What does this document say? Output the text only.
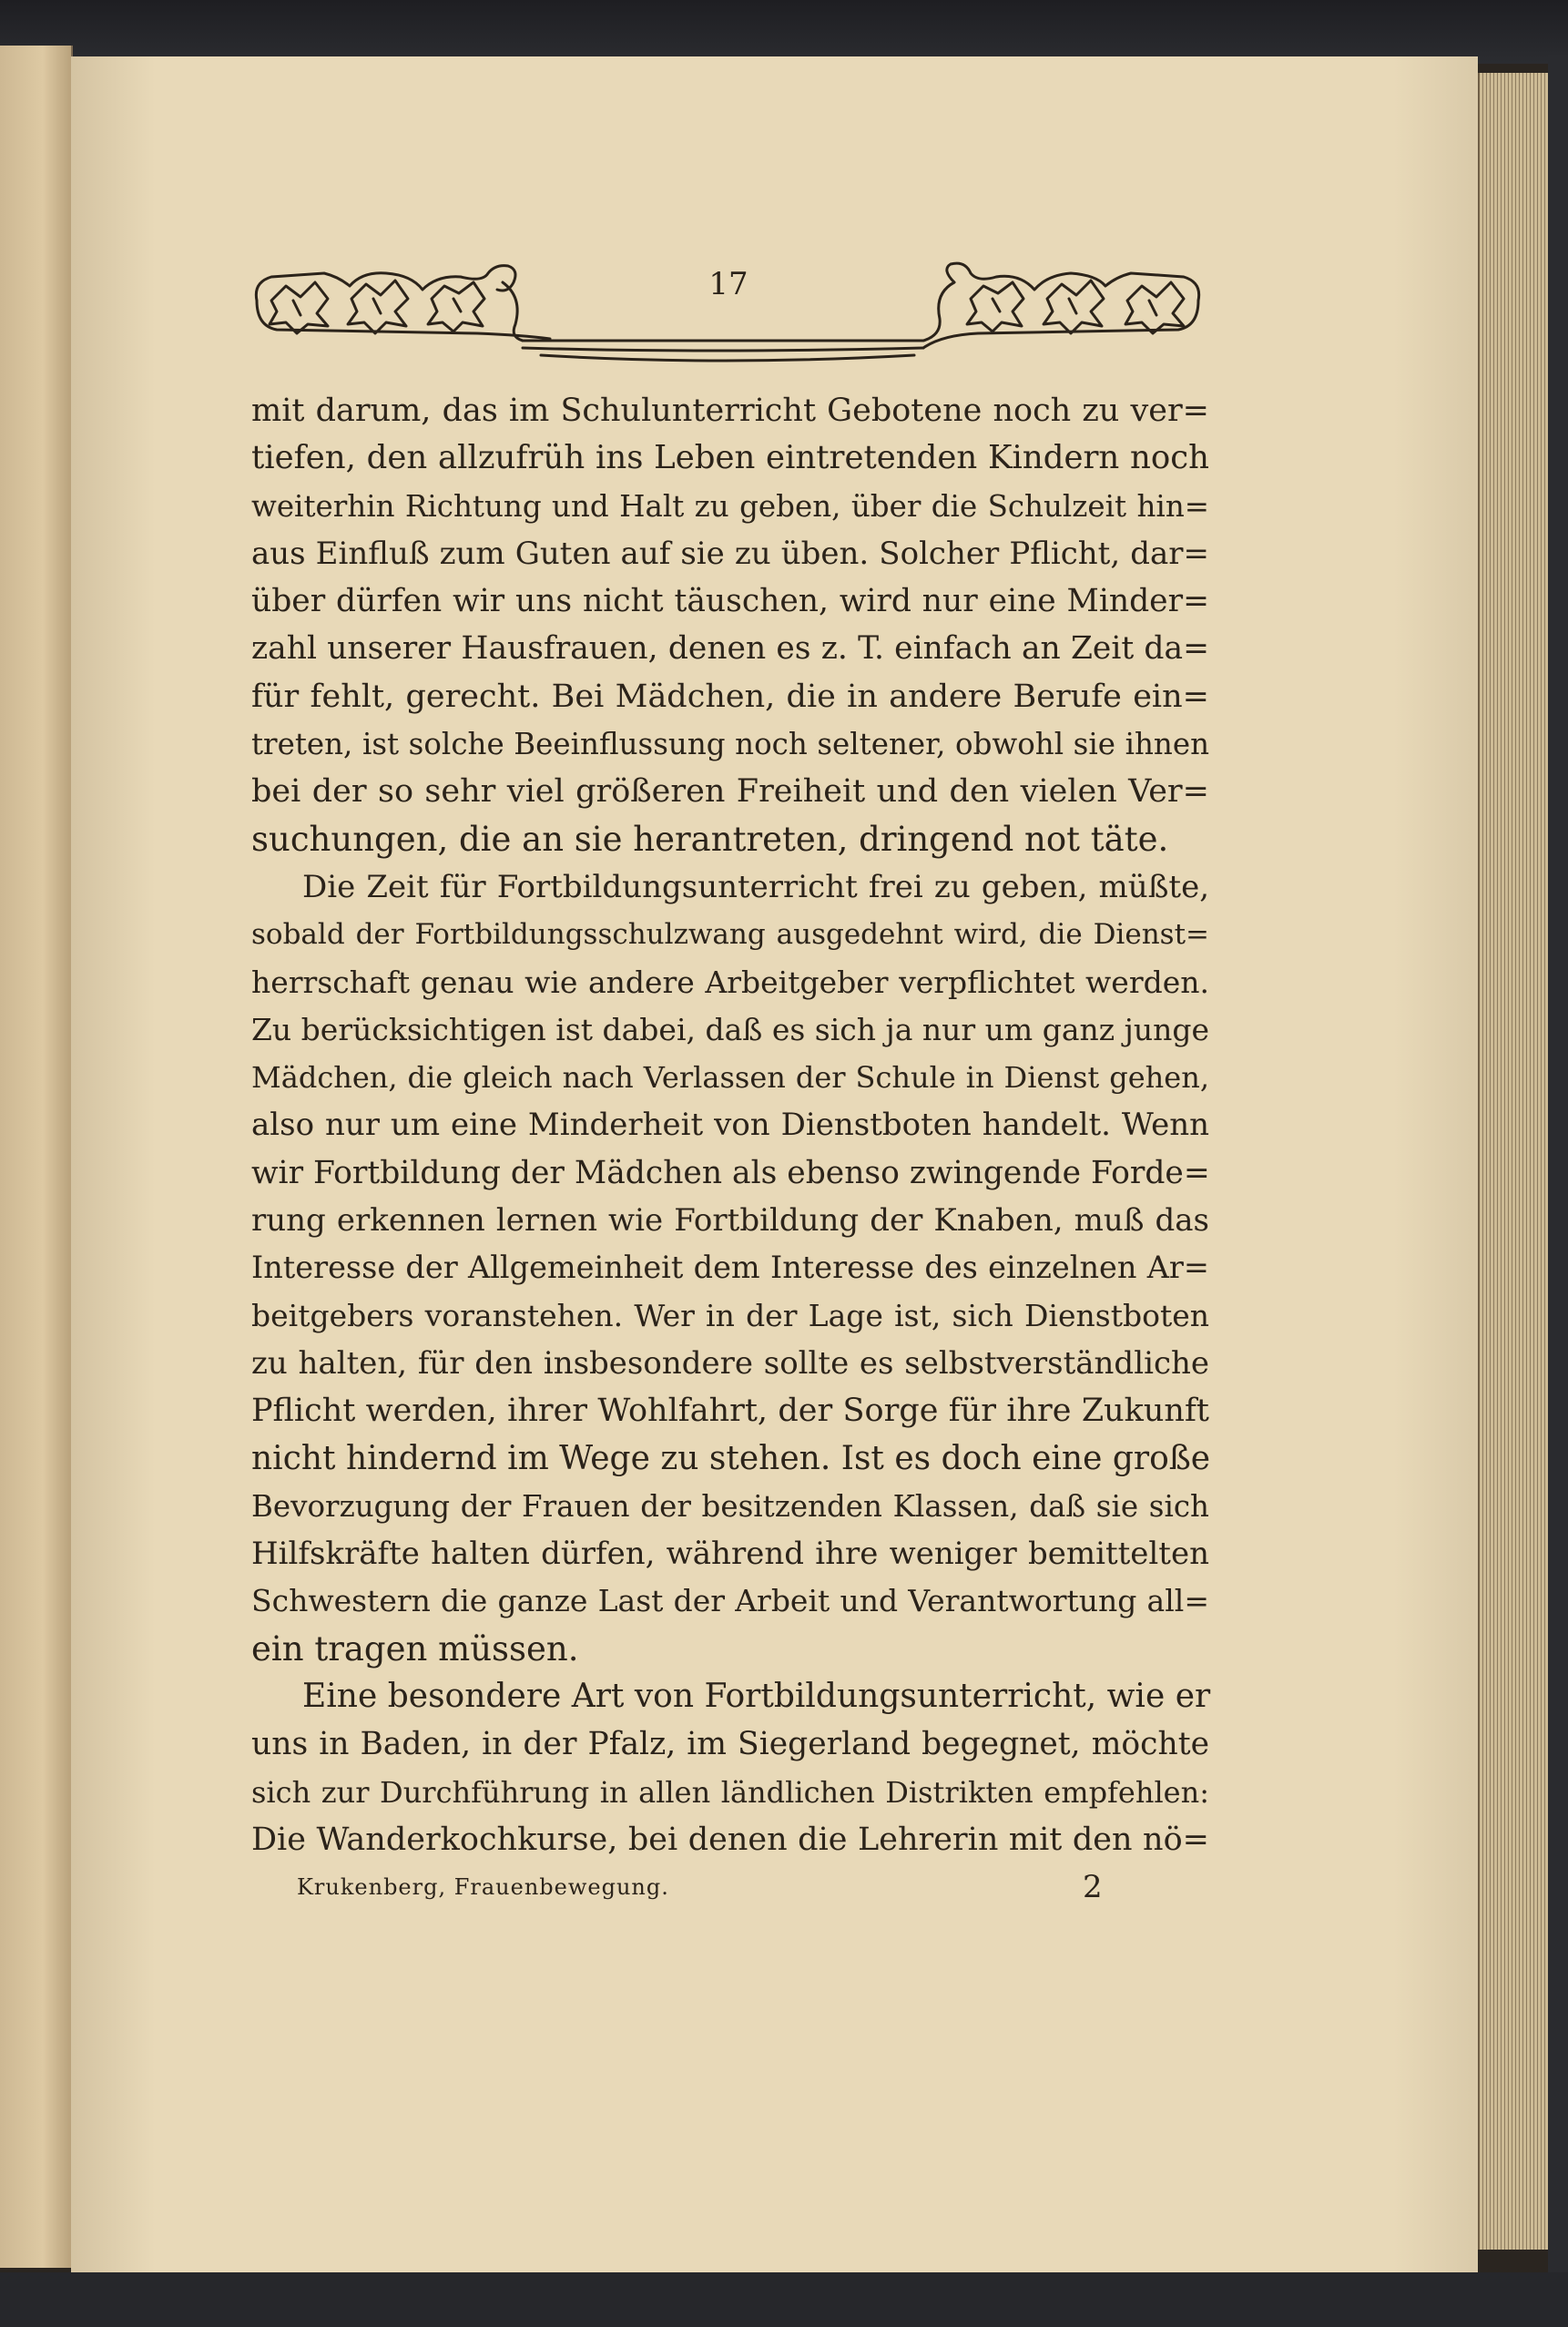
17

mit darum, das im Schulunterricht Gebotene noch zu ver=
tiefen, den allzufrüh ins Leben eintretenden Kindern noch
weiterhin Richtung und Halt zu geben, über die Schulzeit hin=
aus Einfluß zum Guten auf sie zu üben. Solcher Pflicht, dar=
über dürfen wir uns nicht täuschen, wird nur eine Minder=
zahl unserer Hausfrauen, denen es z. T. einfach an Zeit da=
für fehlt, gerecht. Bei Mädchen, die in andere Berufe ein=
treten, ist solche Beeinflussung noch seltener, obwohl sie ihnen
bei der so sehr viel größeren Freiheit und den vielen Ver=
suchungen, die an sie herantreten, dringend not täte.

Die Zeit für Fortbildungsunterricht frei zu geben, müßte,
sobald der Fortbildungsschulzwang ausgedehnt wird, die Dienst=
herrschaft genau wie andere Arbeitgeber verpflichtet werden.
Zu berücksichtigen ist dabei, daß es sich ja nur um ganz junge
Mädchen, die gleich nach Verlassen der Schule in Dienst gehen,
also nur um eine Minderheit von Dienstboten handelt. Wenn
wir Fortbildung der Mädchen als ebenso zwingende Forde=
rung erkennen lernen wie Fortbildung der Knaben, muß das
Interesse der Allgemeinheit dem Interesse des einzelnen Ar=
beitgebers voranstehen. Wer in der Lage ist, sich Dienstboten
zu halten, für den insbesondere sollte es selbstverständliche
Pflicht werden, ihrer Wohlfahrt, der Sorge für ihre Zukunft
nicht hindernd im Wege zu stehen. Ist es doch eine große
Bevorzugung der Frauen der besitzenden Klassen, daß sie sich
Hilfskräfte halten dürfen, während ihre weniger bemittelten
Schwestern die ganze Last der Arbeit und Verantwortung all=
ein tragen müssen.

Eine besondere Art von Fortbildungsunterricht, wie er
uns in Baden, in der Pfalz, im Siegerland begegnet, möchte
sich zur Durchführung in allen ländlichen Distrikten empfehlen:
Die Wanderkochkurse, bei denen die Lehrerin mit den nö=

Krukenberg, Frauenbewegung.	2
